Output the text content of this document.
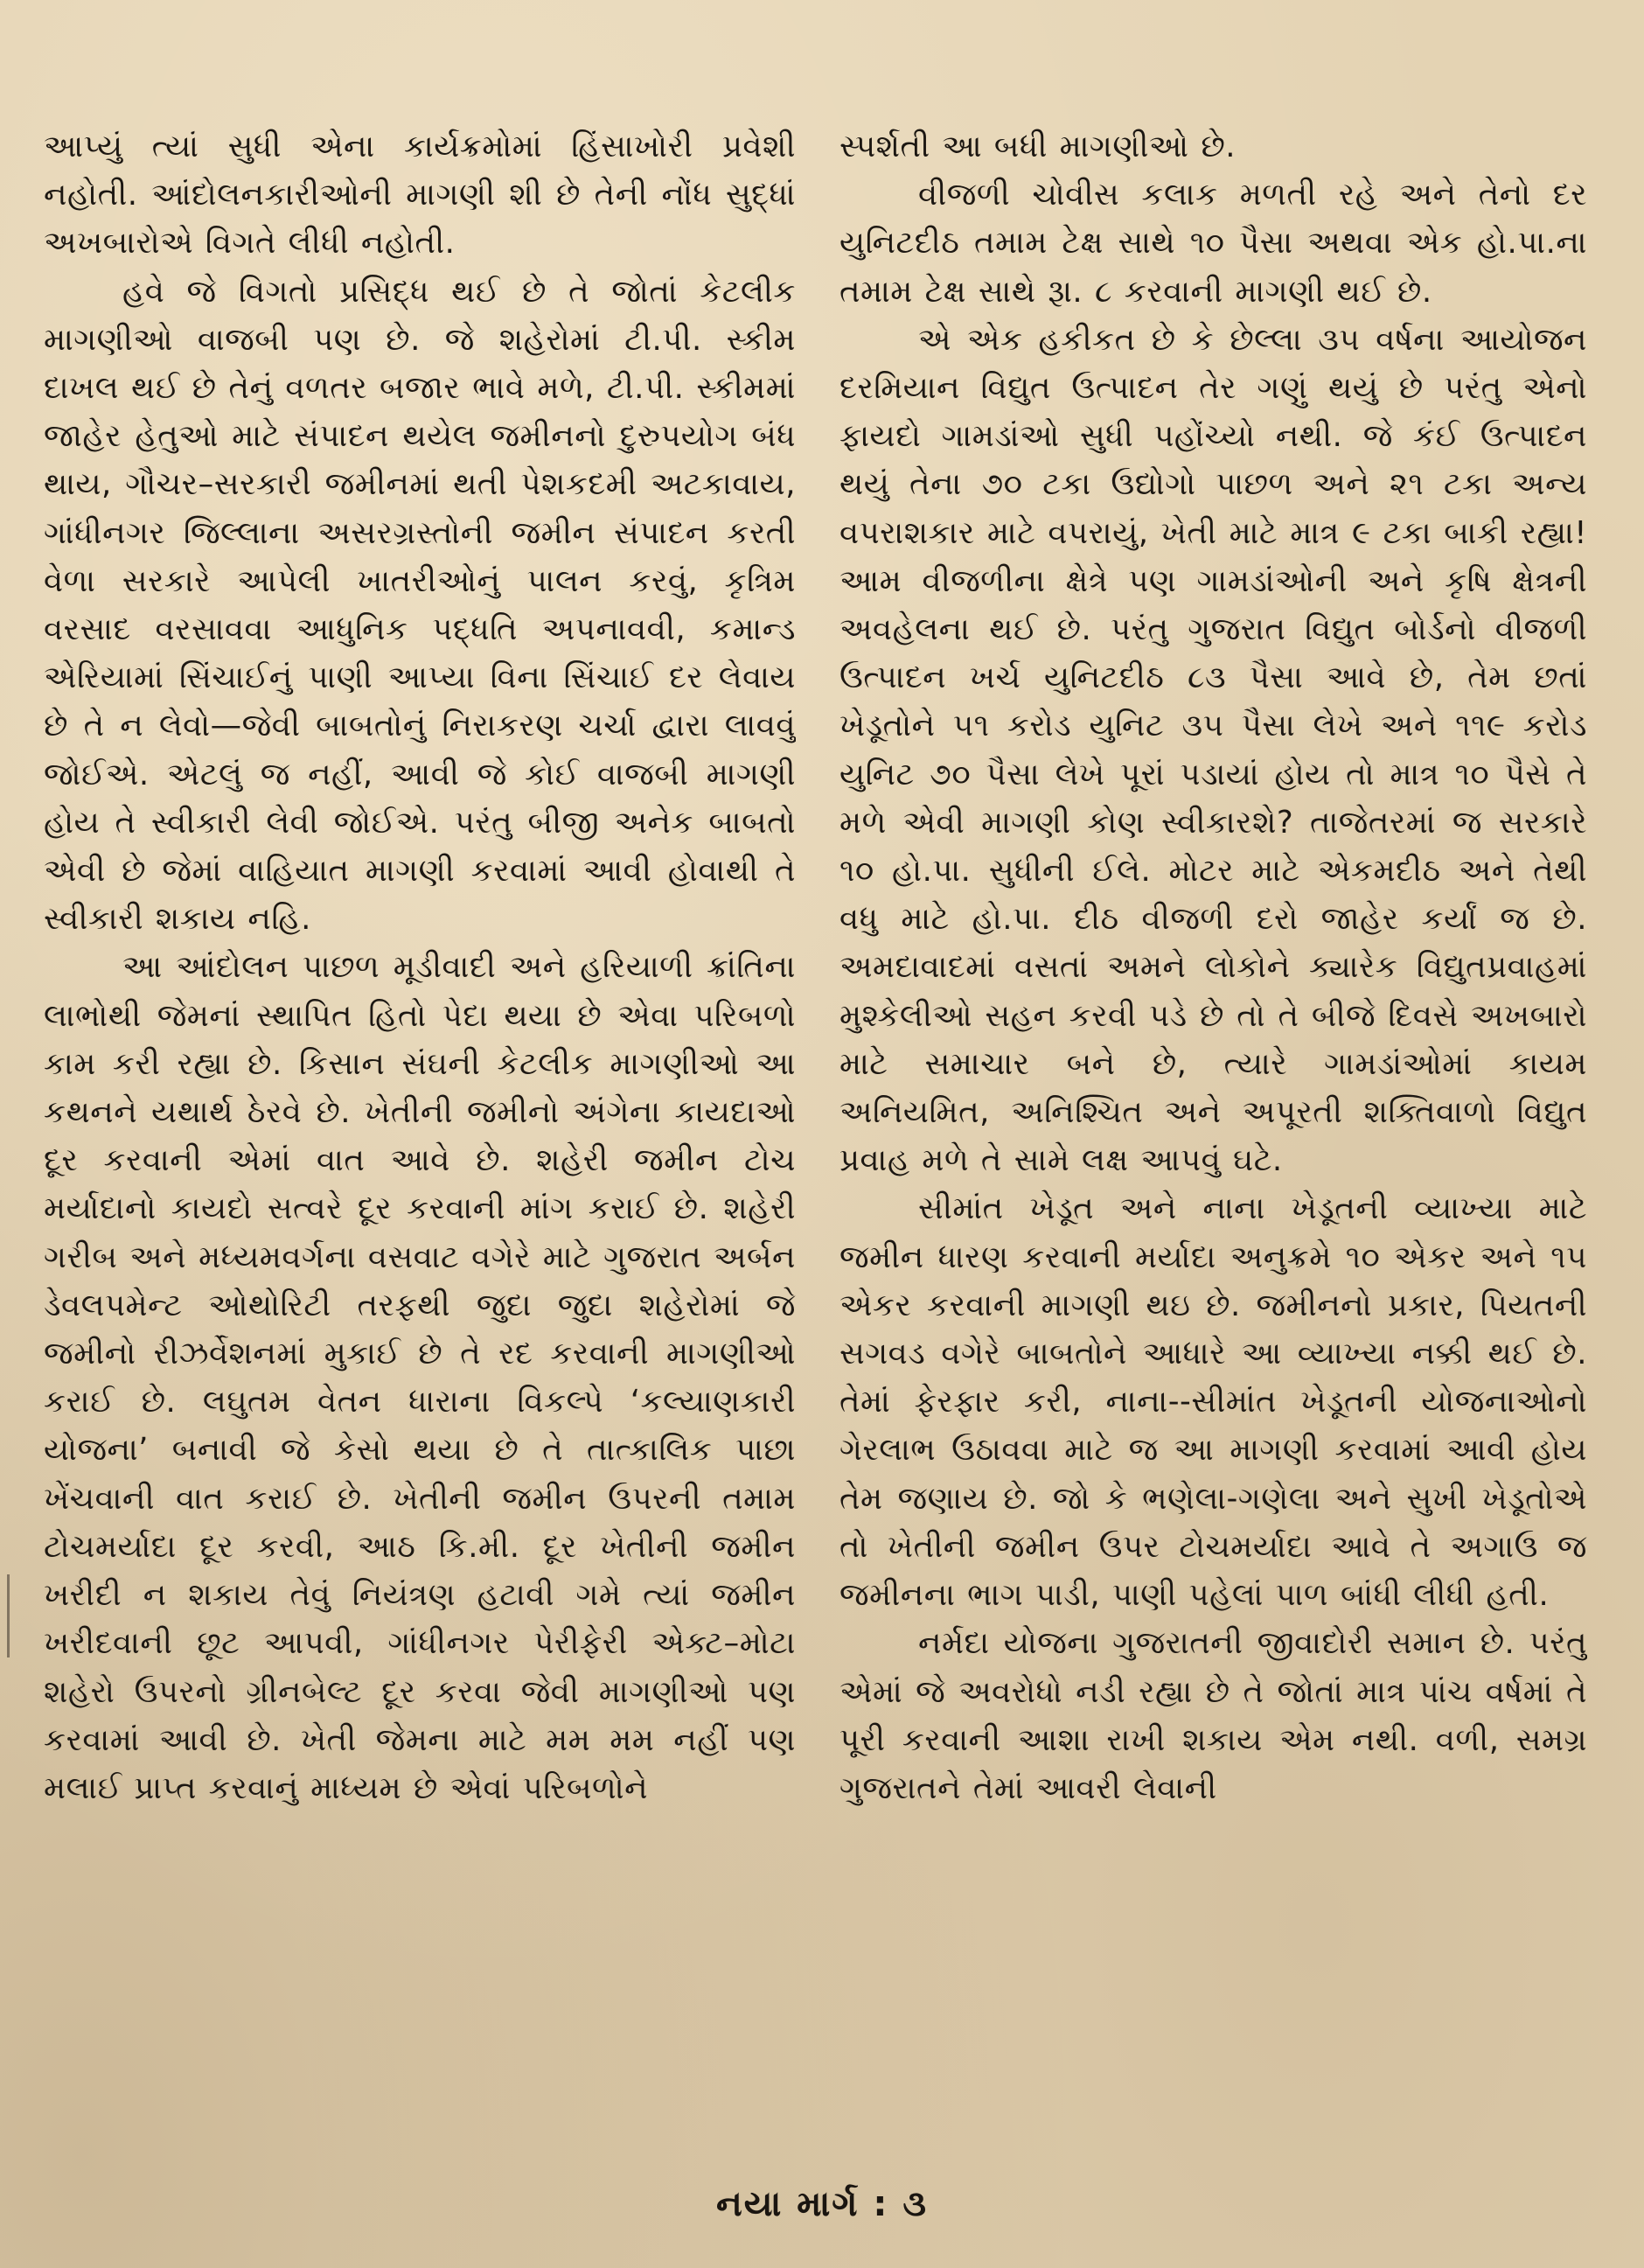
આપ્યું ત્યાં સુધી એના કાર્યક્રમોમાં હિંસાખોરી પ્રવેશી નહોતી. આંદોલનકારીઓની માગણી શી છે તેની નોંધ સુદ્ધાં અખબારોએ વિગતે લીધી નહોતી.

હવે જે વિગતો પ્રસિદ્ધ થઈ છે તે જોતાં કેટલીક માગણીઓ વાજબી પણ છે. જે શહેરોમાં ટી.પી. સ્કીમ દાખલ થઈ છે તેનું વળતર બજાર ભાવે મળે, ટી.પી. સ્કીમમાં જાહેર હેતુઓ માટે સંપાદન થયેલ જમીનનો દુરુપયોગ બંધ થાય, ગૌચર–સરકારી જમીનમાં થતી પેશકદમી અટકાવાય, ગાંધીનગર જિલ્લાના અસરગ્રસ્તોની જમીન સંપાદન કરતી વેળા સરકારે આપેલી ખાતરીઓનું પાલન કરવું, કૃત્રિમ વરસાદ વરસાવવા આધુનિક પદ્ધતિ અપનાવવી, કમાન્ડ એરિયામાં સિંચાઈનું પાણી આપ્યા વિના સિંચાઈ દર લેવાય છે તે ન લેવો—જેવી બાબતોનું નિરાકરણ ચર્ચા દ્વારા લાવવું જોઈએ. એટલું જ નહીં, આવી જે કોઈ વાજબી માગણી હોય તે સ્વીકારી લેવી જોઈએ. પરંતુ બીજી અનેક બાબતો એવી છે જેમાં વાહિયાત માગણી કરવામાં આવી હોવાથી તે સ્વીકારી શકાય નહિ.

આ આંદોલન પાછળ મૂડીવાદી અને હરિયાળી ક્રાંતિના લાભોથી જેમનાં સ્થાપિત હિતો પેદા થયા છે એવા પરિબળો કામ કરી રહ્યા છે. કિસાન સંઘની કેટલીક માગણીઓ આ કથનને યથાર્થ ઠેરવે છે. ખેતીની જમીનો અંગેના કાયદાઓ દૂર કરવાની એમાં વાત આવે છે. શહેરી જમીન ટોચ મર્યાદાનો કાયદો સત્વરે દૂર કરવાની માંગ કરાઈ છે. શહેરી ગરીબ અને મધ્યમવર્ગના વસવાટ વગેરે માટે ગુજરાત અર્બન ડેવલપમેન્ટ ઓથોરિટી તરફથી જુદા જુદા શહેરોમાં જે જમીનો રીઝર્વેશનમાં મુકાઈ છે તે રદ કરવાની માગણીઓ કરાઈ છે. લઘુતમ વેતન ધારાના વિકલ્પે ‘કલ્યાણકારી યોજના’ બનાવી જે કેસો થયા છે તે તાત્કાલિક પાછા ખેંચવાની વાત કરાઈ છે. ખેતીની જમીન ઉપરની તમામ ટોચમર્યાદા દૂર કરવી, આઠ કિ.મી. દૂર ખેતીની જમીન ખરીદી ન શકાય તેવું નિયંત્રણ હટાવી ગમે ત્યાં જમીન ખરીદવાની છૂટ આપવી, ગાંધીનગર પેરીફેરી એક્ટ–મોટા શહેરો ઉપરનો ગ્રીનબેલ્ટ દૂર કરવા જેવી માગણીઓ પણ કરવામાં આવી છે. ખેતી જેમના માટે મમ મમ નહીં પણ મલાઈ પ્રાપ્ત કરવાનું માધ્યમ છે એવાં પરિબળોને

સ્પર્શતી આ બધી માગણીઓ છે.

વીજળી ચોવીસ કલાક મળતી રહે અને તેનો દર યુનિટદીઠ તમામ ટેક્ષ સાથે ૧૦ પૈસા અથવા એક હો.પા.ના તમામ ટેક્ષ સાથે રૂા. ૮ કરવાની માગણી થઈ છે.

એ એક હકીકત છે કે છેલ્લા ૩૫ વર્ષના આયોજન દરમિયાન વિદ્યુત ઉત્પાદન તેર ગણું થયું છે પરંતુ એનો ફાયદો ગામડાંઓ સુધી પહોંચ્યો નથી. જે કંઈ ઉત્પાદન થયું તેના ૭૦ ટકા ઉદ્યોગો પાછળ અને ૨૧ ટકા અન્ય વપરાશકાર માટે વપરાયું, ખેતી માટે માત્ર ૯ ટકા બાકી રહ્યા! આમ વીજળીના ક્ષેત્રે પણ ગામડાંઓની અને કૃષિ ક્ષેત્રની અવહેલના થઈ છે. પરંતુ ગુજરાત વિદ્યુત બોર્ડનો વીજળી ઉત્પાદન ખર્ચ યુનિટદીઠ ૮૩ પૈસા આવે છે, તેમ છતાં ખેડૂતોને ૫૧ કરોડ યુનિટ ૩૫ પૈસા લેખે અને ૧૧૯ કરોડ યુનિટ ૭૦ પૈસા લેખે પૂરાં પડાયાં હોય તો માત્ર ૧૦ પૈસે તે મળે એવી માગણી કોણ સ્વીકારશે? તાજેતરમાં જ સરકારે ૧૦ હો.પા. સુધીની ઈલે. મોટર માટે એકમદીઠ અને તેથી વધુ માટે હો.પા. દીઠ વીજળી દરો જાહેર કર્યાં જ છે. અમદાવાદમાં વસતાં અમને લોકોને ક્યારેક વિદ્યુતપ્રવાહમાં મુશ્કેલીઓ સહન કરવી પડે છે તો તે બીજે દિવસે અખબારો માટે સમાચાર બને છે, ત્યારે ગામડાંઓમાં કાયમ અનિયમિત, અનિશ્ચિત અને અપૂરતી શક્તિવાળો વિદ્યુત પ્રવાહ મળે તે સામે લક્ષ આપવું ઘટે.

સીમાંત ખેડૂત અને નાના ખેડૂતની વ્યાખ્યા માટે જમીન ધારણ કરવાની મર્યાદા અનુક્રમે ૧૦ એકર અને ૧૫ એકર કરવાની માગણી થઇ છે. જમીનનો પ્રકાર, પિયતની સગવડ વગેરે બાબતોને આધારે આ વ્યાખ્યા નક્કી થઈ છે. તેમાં ફેરફાર કરી, નાના--સીમાંત ખેડૂતની યોજનાઓનો ગેરલાભ ઉઠાવવા માટે જ આ માગણી કરવામાં આવી હોય તેમ જણાય છે. જો કે ભણેલા-ગણેલા અને સુખી ખેડૂતોએ તો ખેતીની જમીન ઉપર ટોચમર્યાદા આવે તે અગાઉ જ જમીનના ભાગ પાડી, પાણી પહેલાં પાળ બાંધી લીધી હતી.

નર્મદા યોજના ગુજરાતની જીવાદોરી સમાન છે. પરંતુ એમાં જે અવરોધો નડી રહ્યા છે તે જોતાં માત્ર પાંચ વર્ષમાં તે પૂરી કરવાની આશા રાખી શકાય એમ નથી. વળી, સમગ્ર ગુજરાતને તેમાં આવરી લેવાની

નયા માર્ગ : ૩
